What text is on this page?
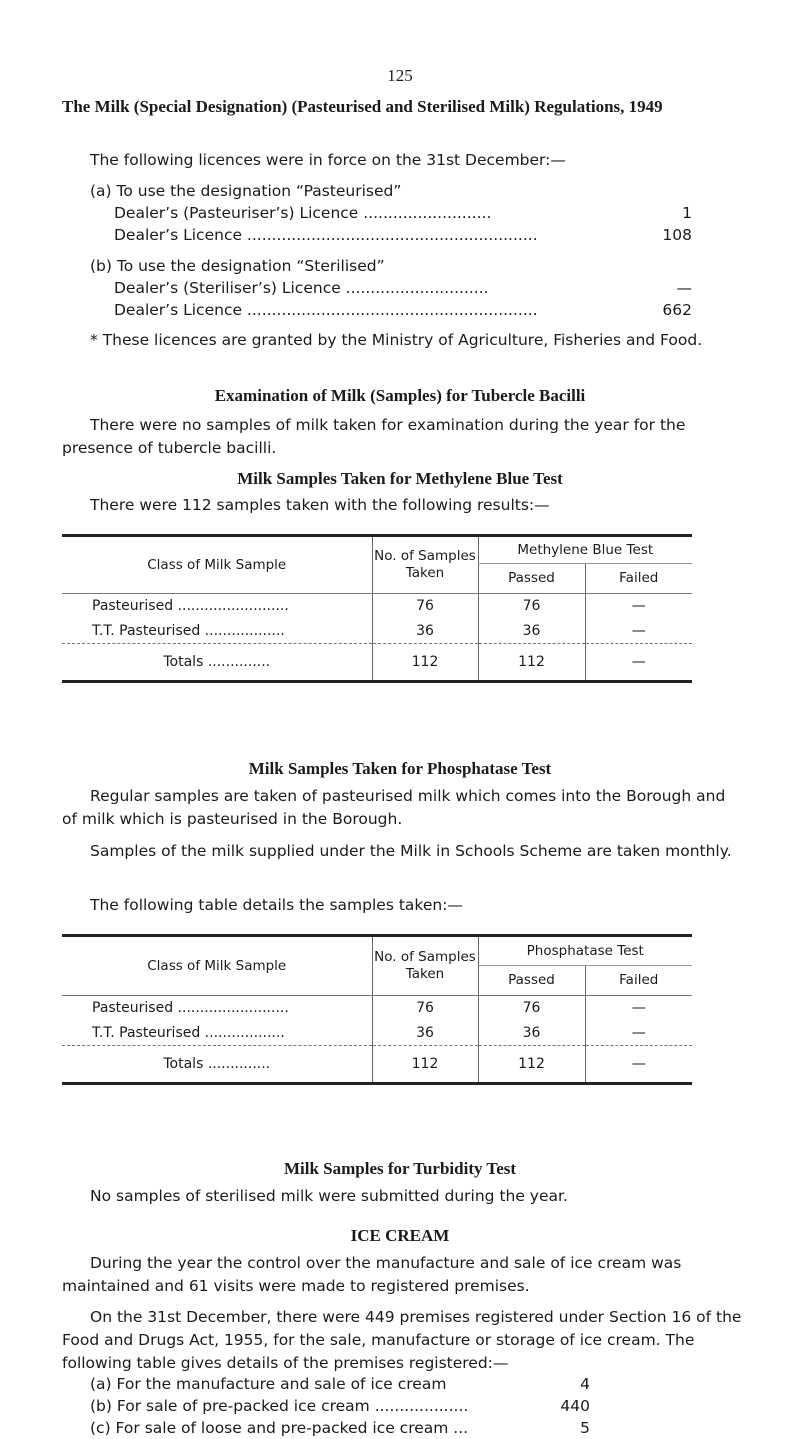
125
The Milk (Special Designation) (Pasteurised and Sterilised Milk) Regulations, 1949
The following licences were in force on the 31st December:—
(a) To use the designation “Pasteurised”
Dealer’s (Pasteuriser’s) Licence ..........................	1
Dealer’s Licence ...........................................................	108
(b) To use the designation “Sterilised”
Dealer’s (Steriliser’s) Licence .............................	—
Dealer’s Licence ...........................................................	662
* These licences are granted by the Ministry of Agriculture, Fisheries and Food.
Examination of Milk (Samples) for Tubercle Bacilli
There were no samples of milk taken for examination during the year for the presence of tubercle bacilli.
Milk Samples Taken for Methylene Blue Test
There were 112 samples taken with the following results:—
Class of Milk Sample	No. of Samples Taken	Methylene Blue Test	
		Passed	Failed
Pasteurised .........................	76	76	—
T.T. Pasteurised ..................	36	36	—
Totals ..............	112	112	—
Milk Samples Taken for Phosphatase Test
Regular samples are taken of pasteurised milk which comes into the Borough and of milk which is pasteurised in the Borough.
Samples of the milk supplied under the Milk in Schools Scheme are taken monthly.
The following table details the samples taken:—
Class of Milk Sample	No. of Samples Taken	Phosphatase Test	
		Passed	Failed
Pasteurised .........................	76	76	—
T.T. Pasteurised ..................	36	36	—
Totals ..............	112	112	—
Milk Samples for Turbidity Test
No samples of sterilised milk were submitted during the year.
ICE CREAM
During the year the control over the manufacture and sale of ice cream was maintained and 61 visits were made to registered premises.
On the 31st December, there were 449 premises registered under Section 16 of the Food and Drugs Act, 1955, for the sale, manufacture or storage of ice cream. The following table gives details of the premises registered:—
(a) For the manufacture and sale of ice cream	4
(b) For sale of pre-packed ice cream ...................	440
(c) For sale of loose and pre-packed ice cream ...	5
